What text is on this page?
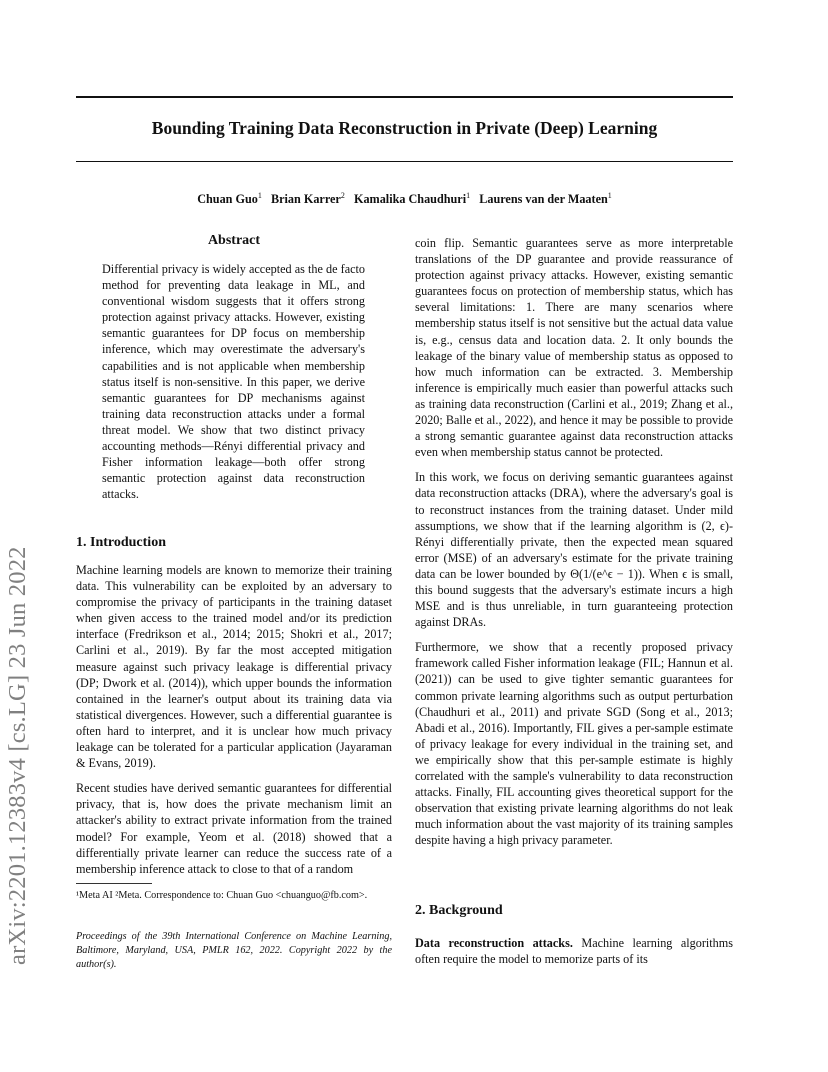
Bounding Training Data Reconstruction in Private (Deep) Learning
Chuan Guo$^1$ Brian Karrer$^2$ Kamalika Chaudhuri$^1$ Laurens van der Maaten$^1$
arXiv:2201.12383v4 [cs.LG] 23 Jun 2022
Abstract
Differential privacy is widely accepted as the de facto method for preventing data leakage in ML, and conventional wisdom suggests that it offers strong protection against privacy attacks. However, existing semantic guarantees for DP focus on membership inference, which may overestimate the adversary's capabilities and is not applicable when membership status itself is non-sensitive. In this paper, we derive semantic guarantees for DP mechanisms against training data reconstruction attacks under a formal threat model. We show that two distinct privacy accounting methods—Rényi differential privacy and Fisher information leakage—both offer strong semantic protection against data reconstruction attacks.
1. Introduction

Machine learning models are known to memorize their training data. This vulnerability can be exploited by an adversary to compromise the privacy of participants in the training dataset when given access to the trained model and/or its prediction interface (Fredrikson et al., 2014; 2015; Shokri et al., 2017; Carlini et al., 2019). By far the most accepted mitigation measure against such privacy leakage is differential privacy (DP; Dwork et al. (2014)), which upper bounds the information contained in the learner's output about its training data via statistical divergences. However, such a differential guarantee is often hard to interpret, and it is unclear how much privacy leakage can be tolerated for a particular application (Jayaraman & Evans, 2019).

Recent studies have derived semantic guarantees for differential privacy, that is, how does the private mechanism limit an attacker's ability to extract private information from the trained model? For example, Yeom et al. (2018) showed that a differentially private learner can reduce the success rate of a membership inference attack to close to that of a random

¹Meta AI ²Meta. Correspondence to: Chuan Guo <chuanguo@fb.com>.
Proceedings of the 39th International Conference on Machine Learning, Baltimore, Maryland, USA, PMLR 162, 2022. Copyright 2022 by the author(s).

coin flip. Semantic guarantees serve as more interpretable translations of the DP guarantee and provide reassurance of protection against privacy attacks. However, existing semantic guarantees focus on protection of membership status, which has several limitations: 1. There are many scenarios where membership status itself is not sensitive but the actual data value is, e.g., census data and location data. 2. It only bounds the leakage of the binary value of membership status as opposed to how much information can be extracted. 3. Membership inference is empirically much easier than powerful attacks such as training data reconstruction (Carlini et al., 2019; Zhang et al., 2020; Balle et al., 2022), and hence it may be possible to provide a strong semantic guarantee against data reconstruction attacks even when membership status cannot be protected.

In this work, we focus on deriving semantic guarantees against data reconstruction attacks (DRA), where the adversary's goal is to reconstruct instances from the training dataset. Under mild assumptions, we show that if the learning algorithm is (2, ϵ)-Rényi differentially private, then the expected mean squared error (MSE) of an adversary's estimate for the private training data can be lower bounded by Θ(1/(e^ϵ − 1)). When ϵ is small, this bound suggests that the adversary's estimate incurs a high MSE and is thus unreliable, in turn guaranteeing protection against DRAs.

Furthermore, we show that a recently proposed privacy framework called Fisher information leakage (FIL; Hannun et al. (2021)) can be used to give tighter semantic guarantees for common private learning algorithms such as output perturbation (Chaudhuri et al., 2011) and private SGD (Song et al., 2013; Abadi et al., 2016). Importantly, FIL gives a per-sample estimate of privacy leakage for every individual in the training set, and we empirically show that this per-sample estimate is highly correlated with the sample's vulnerability to data reconstruction attacks. Finally, FIL accounting gives theoretical support for the observation that existing private learning algorithms do not leak much information about the vast majority of its training samples despite having a high privacy parameter.

2. Background
Data reconstruction attacks. Machine learning algorithms often require the model to memorize parts of its
